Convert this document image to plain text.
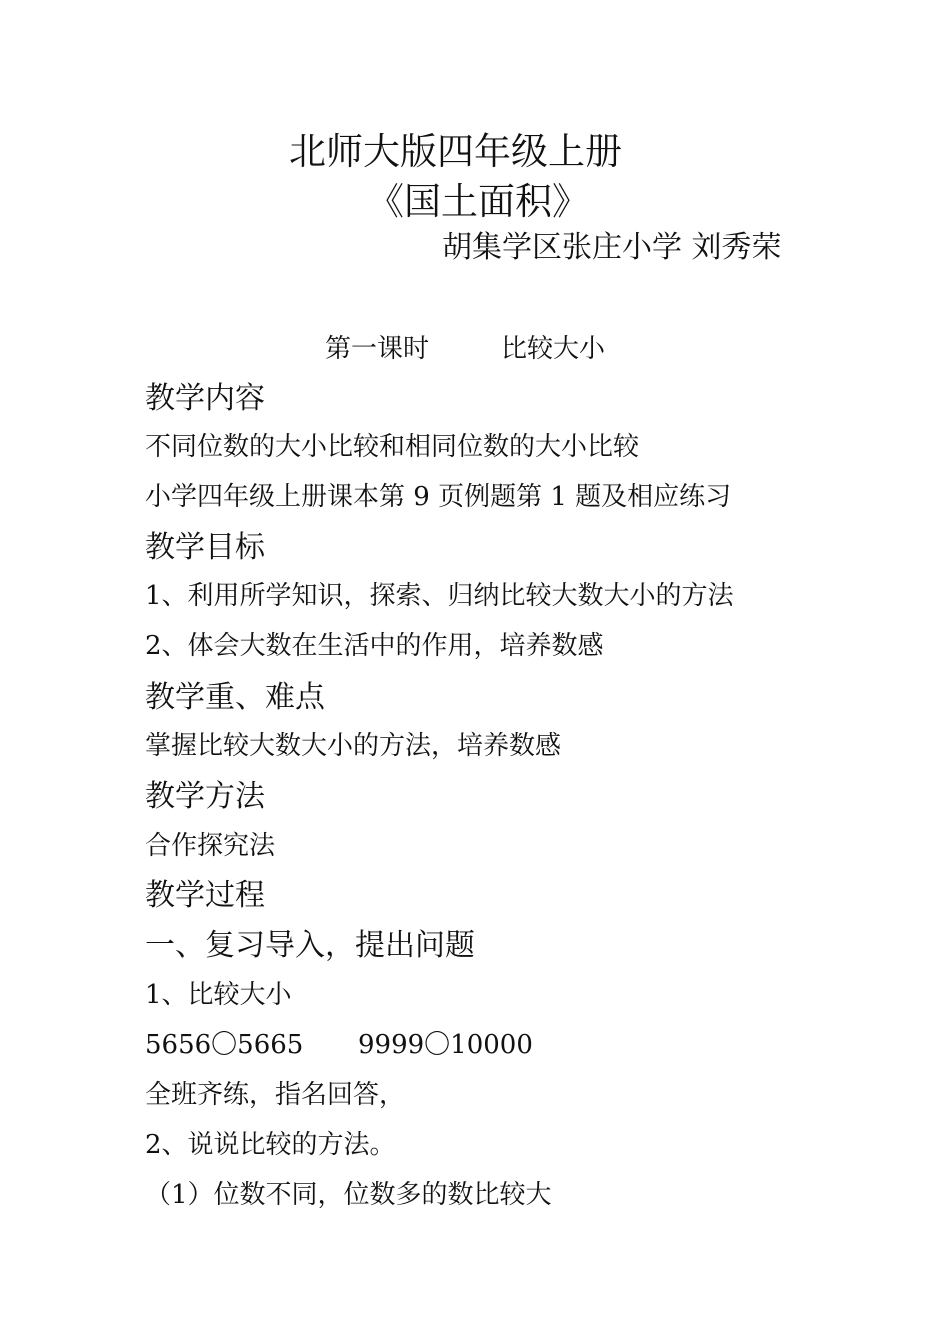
北师大版四年级上册
《国土面积》
胡集学区张庄小学 刘秀荣
第一课时	比较大小
教学内容
不同位数的大小比较和相同位数的大小比较
小学四年级上册课本第 9 页例题第 1 题及相应练习
教学目标
1、利用所学知识，探索、归纳比较大数大小的方法
2、体会大数在生活中的作用，培养数感
教学重、难点
掌握比较大数大小的方法，培养数感
教学方法
合作探究法
教学过程
一、复习导入，提出问题
1、比较大小
5656〇5665 9999〇10000
全班齐练，指名回答，
2、说说比较的方法。
（1）位数不同，位数多的数比较大
